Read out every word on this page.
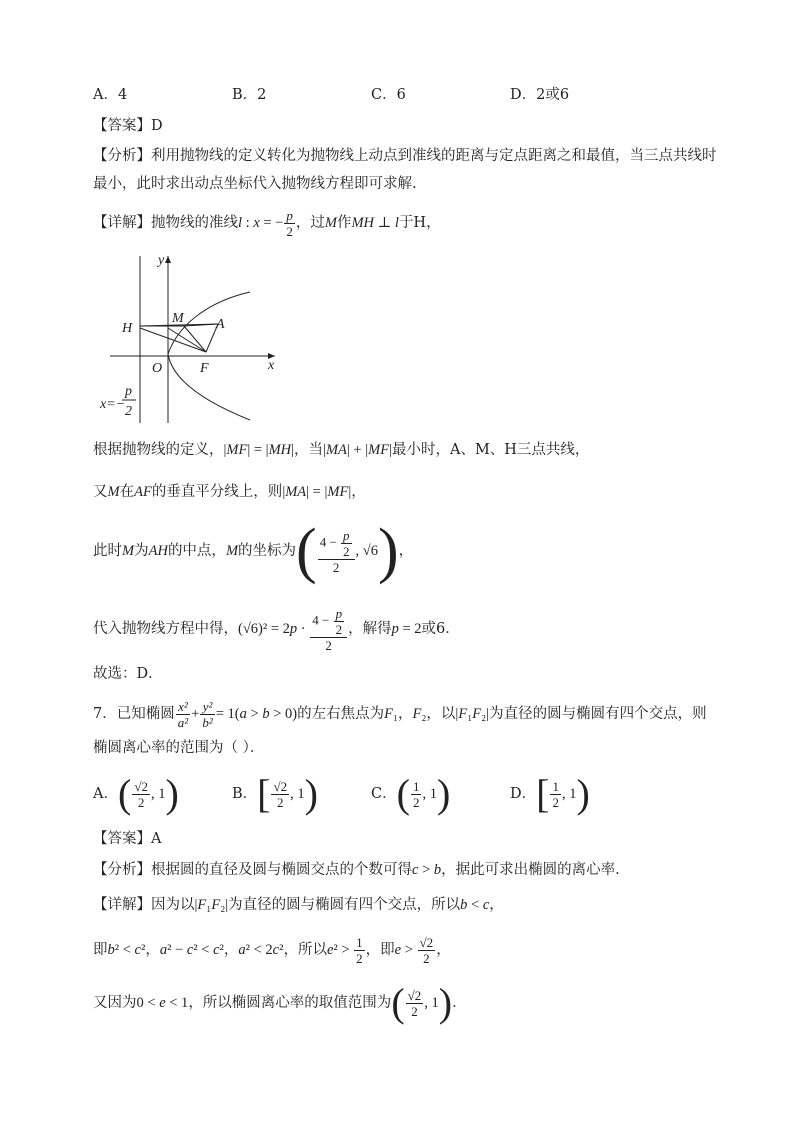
A．4	B．2	C．6	D．2或6
【答案】D
【分析】利用抛物线的定义转化为抛物线上动点到准线的距离与定点距离之和最值，当三点共线时
最小，此时求出动点坐标代入抛物线方程即可求解.
【详解】抛物线的准线l : x = − $\frac{p}{2}$ ，过M作MH ⊥ l于H，
y
x
O	F
H
M A
x=−
p
2
根据抛物线的定义，|MF| = |MH|，当|MA| + |MF|最小时，A、M、H三点共线，
又M在AF的垂直平分线上，则|MA| = |MF|，
此时M为AH的中点，M的坐标为( $\frac{4 - \frac{p}{2}}{2}$ , √6)，
代入抛物线方程中得，$(√6)^2 = 2p \cdot \frac{4 - \frac{p}{2}}{2}$ ，解得p = 2或6．
故选：D．
7．已知椭圆 $\frac{\text{x²}}{\text{a²}} + \frac{\text{y²}}{\text{b²}} = 1(a > b > 0)$的左右焦点为F₁，F₂，以|F₁F₂|为直径的圆与椭圆有四个交点，则
椭圆离心率的范围为（ ）．
A．( $\frac{√2}{2}$ , 1)	B．[ $\frac{√2}{2}$ , 1)	C．( $\frac{1}{2}$ , 1)	D．[ $\frac{1}{2}$ , 1)
【答案】A
【分析】根据圆的直径及圆与椭圆交点的个数可得c > b，据此可求出椭圆的离心率.
【详解】因为以|F₁F₂|为直径的圆与椭圆有四个交点，所以b < c，
即b² < c²，a² − c² < c²，a² < 2c²，所以$e^2 > \frac{1}{2}$ ，即$e > \frac{√2}{2}$ ，
又因为0 < e < 1，所以椭圆离心率的取值范围为( $\frac{√2}{2}$ , 1)．
